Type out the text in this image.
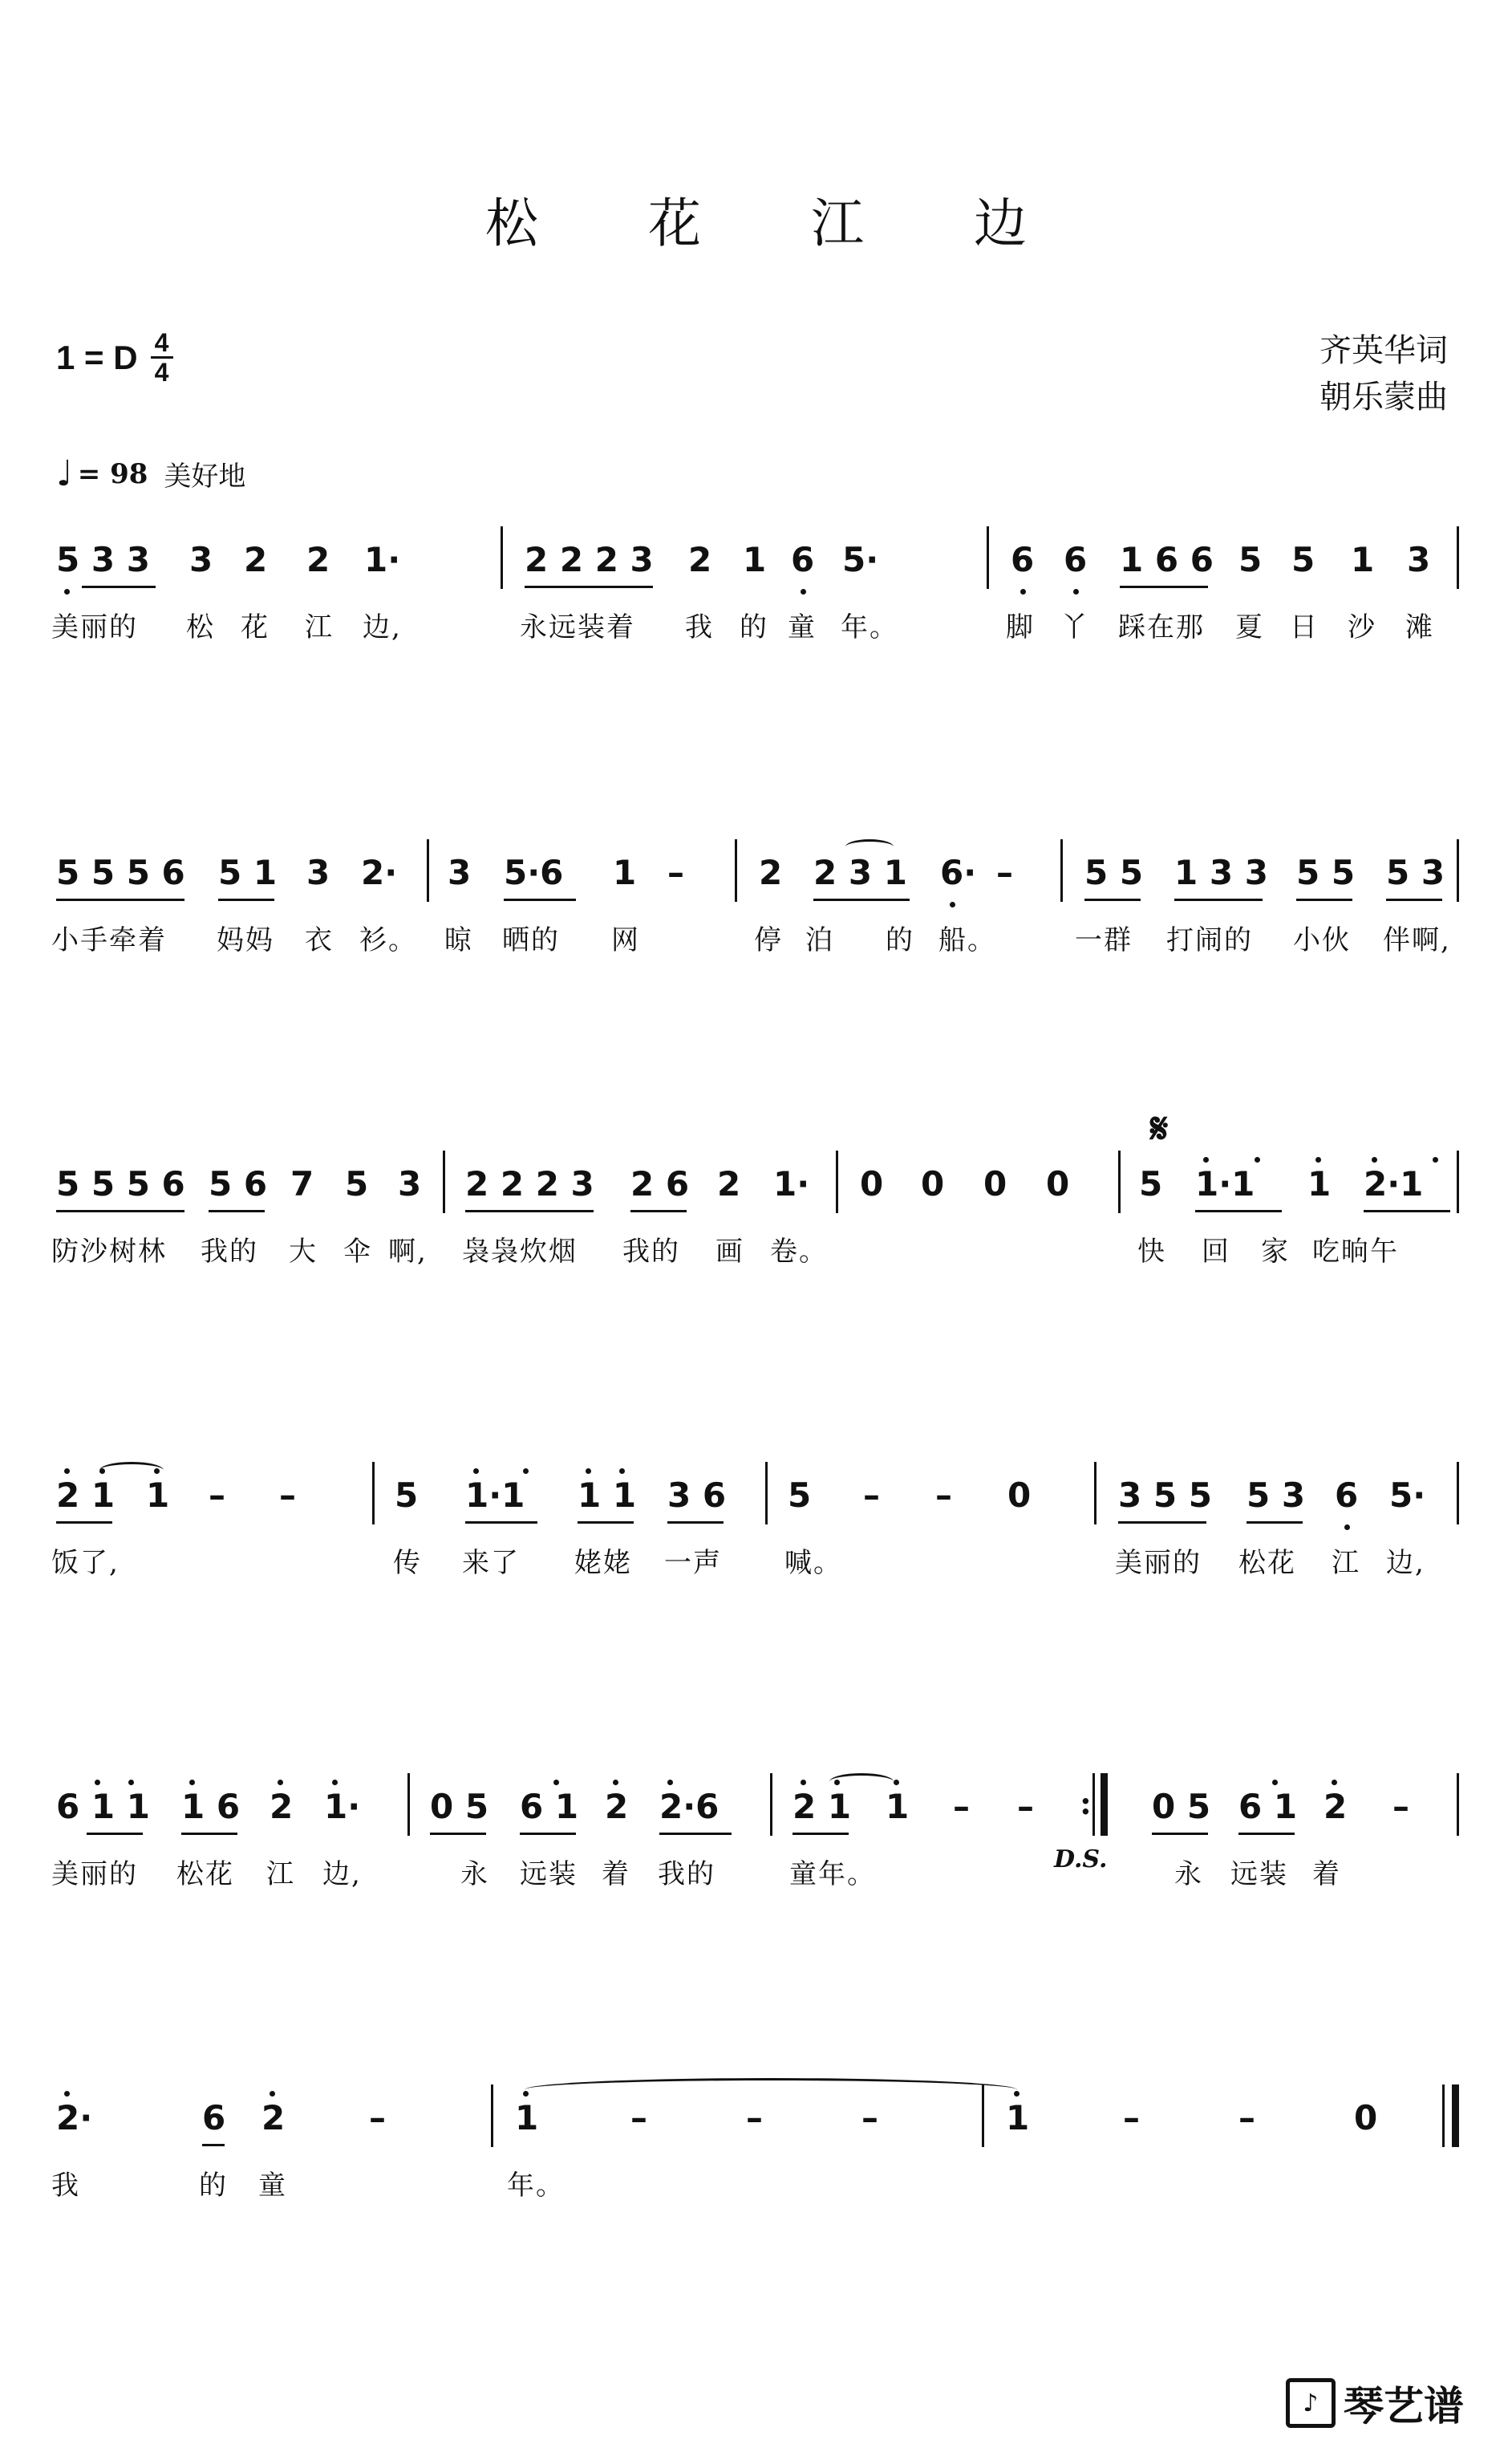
松 花 江 边
1 = D 4
4
齐英华词
朝乐蒙曲
♩ = 98 美好地
5 3 3 3 2 2 1·	2 2 2 3 2 1 6 5·	6 6 1 6 6 5 5 1 3
美丽的 松 花 江 边,	永远装着 我 的 童 年。	脚 丫 踩在那 夏 日 沙 滩
5 5 5 6 5 1 3 2· 3 5·6 1 – 2 2 3 1 6· – 5 5 1 3 3 5 5 5 3
小手牵着 妈妈 衣 衫。 晾 晒的 网	停 泊 的 船。	一群 打闹的 小伙 伴啊,
𝄋
5 5 5 6 5 6 7 5 3 2 2 2 3 2 6 2 1· 0 0 0 0 5 1·1 1 2·1
防沙树林 我的 大 伞 啊, 袅袅炊烟 我的 画 卷。	快 回 家 吃晌午
2 1 1 – –	5 1·1 1 1 3 6 5 – – 0	3 5 5 5 3 6 5·
饭了,	传 来了 姥姥 一声 喊。	美丽的 松花 江 边,
6 1 1 1 6 2 1· 0 5 6 1 2 2·6 2 1 1 – – : 0 5 6 1 2 –
D.S.
美丽的 松花 江 边,	永 远装 着 我的	童年。	永 远装 着
2·	6 2 –	1	–	–	–	1	–	–	0
我	的 童	年。
♪ 琴艺谱
